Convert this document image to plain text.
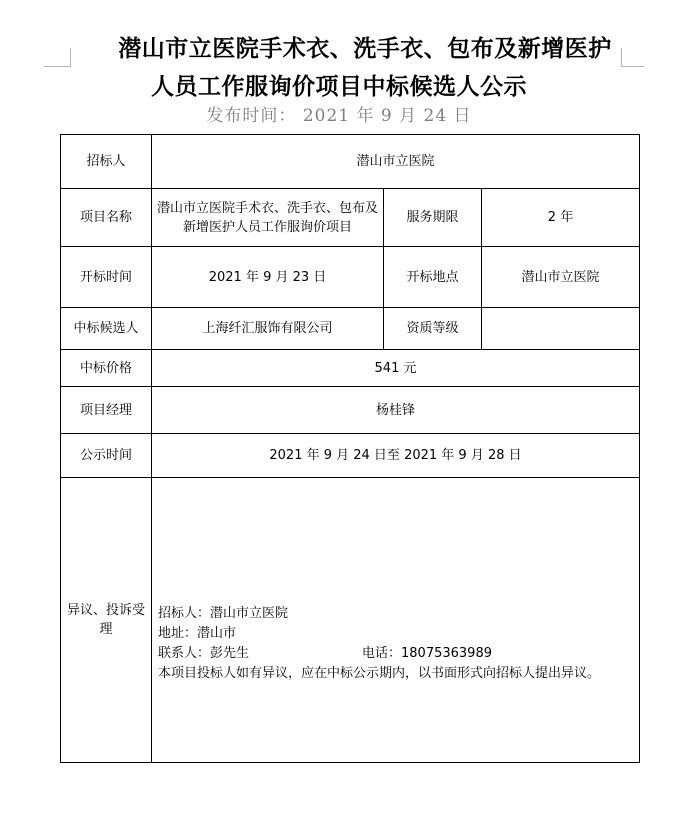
潜山市立医院手术衣、洗手衣、包布及新增医护
人员工作服询价项目中标候选人公示
发布时间： 2021 年 9 月 24 日
招标人	潜山市立医院		
项目名称	潜山市立医院手术衣、洗手衣、包布及新增医护人员工作服询价项目	服务期限	2 年
开标时间	2021 年 9 月 23 日	开标地点	潜山市立医院
中标候选人	上海纤汇服饰有限公司	资质等级	
中标价格	541 元		
项目经理	杨桂锋		
公示时间	2021 年 9 月 24 日至 2021 年 9 月 28 日		
异议、投诉受理	招标人：潜山市立医院
地址：潜山市
联系人：彭先生 电话：18075363989
本项目投标人如有异议，应在中标公示期内，以书面形式向招标人提出异议。		
